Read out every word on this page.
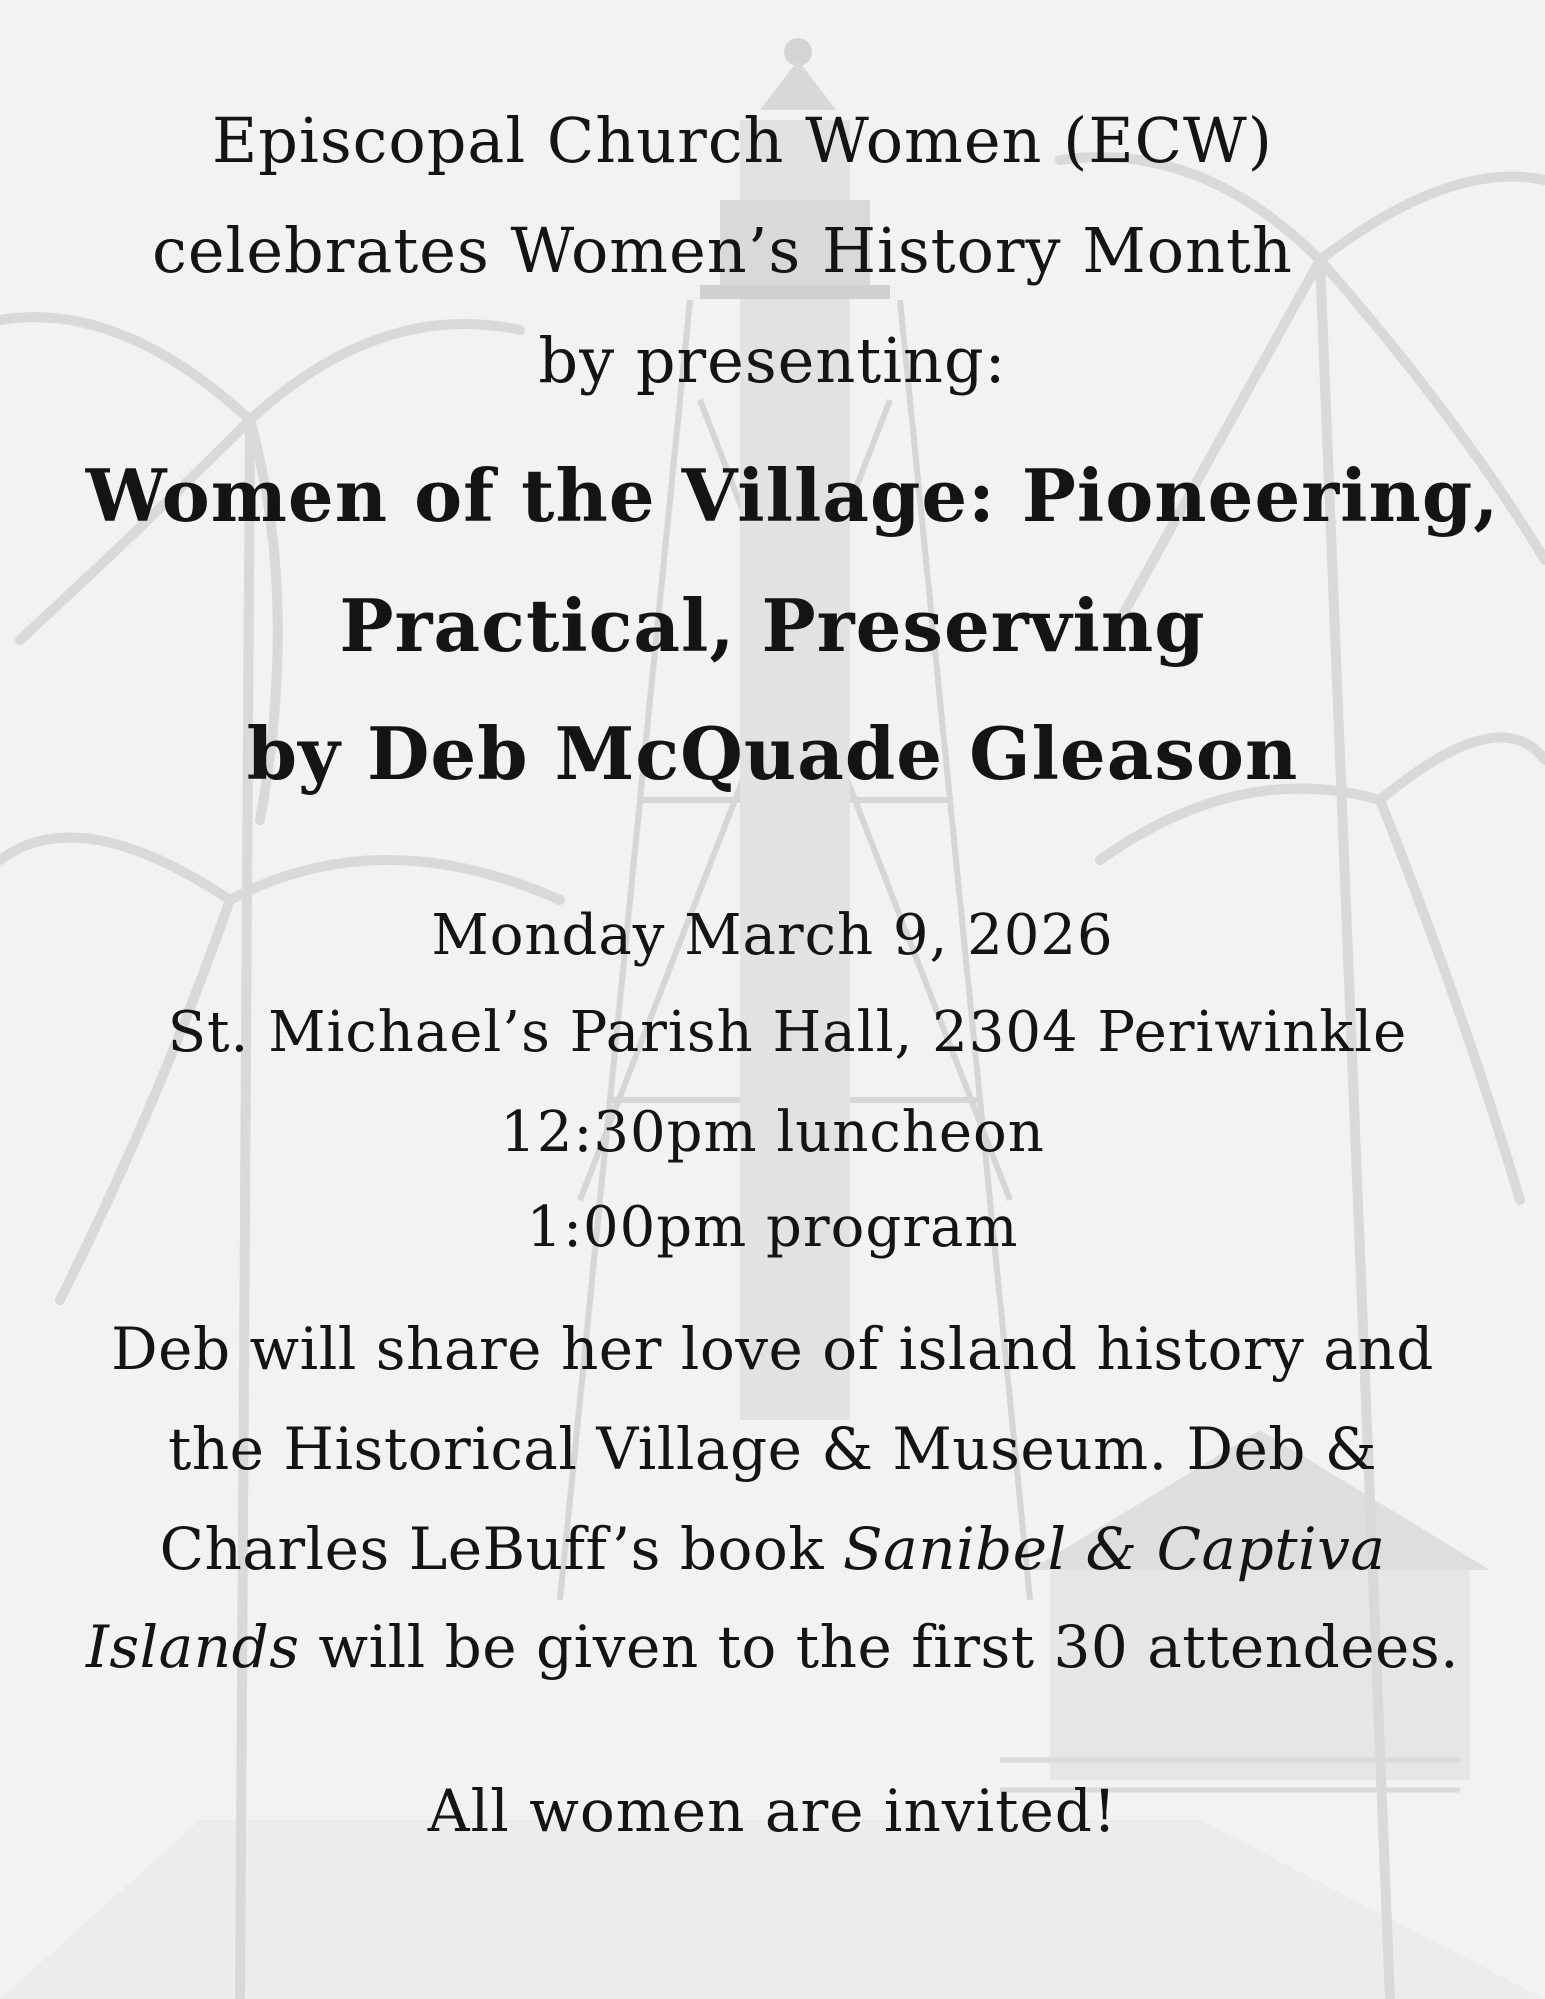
Episcopal Church Women (ECW)
celebrates Women’s History Month
by presenting:
Women of the Village: Pioneering,
Practical, Preserving
by Deb McQuade Gleason
Monday March 9, 2026
St. Michael’s Parish Hall, 2304 Periwinkle
12:30pm luncheon
1:00pm program
Deb will share her love of island history and
the Historical Village & Museum. Deb &
Charles LeBuff’s book Sanibel & Captiva
Islands will be given to the first 30 attendees.
All women are invited!
